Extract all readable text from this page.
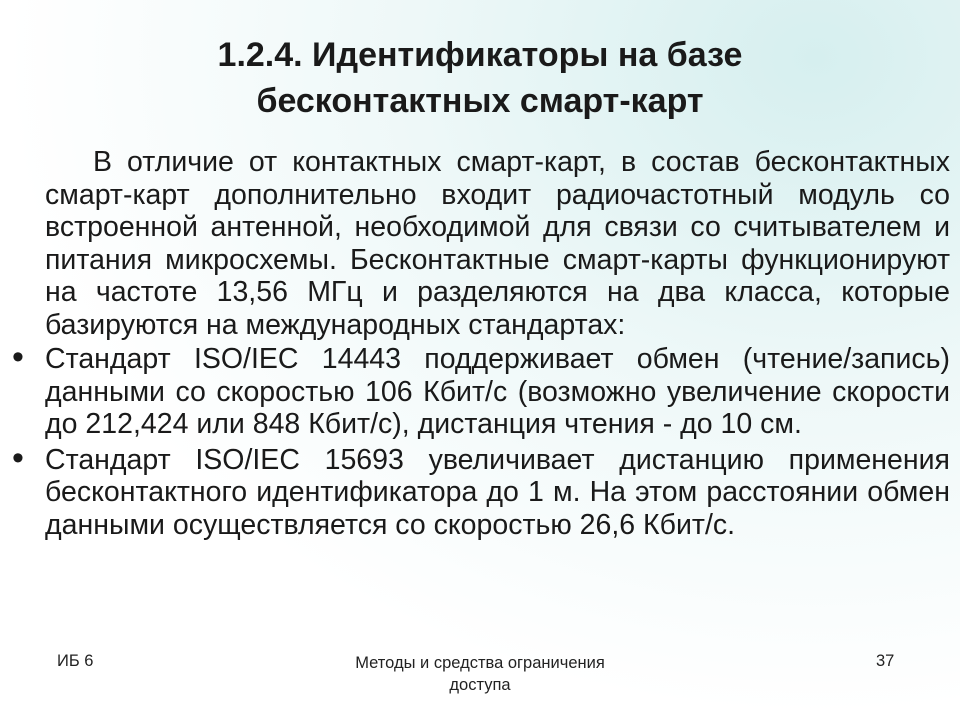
1.2.4. Идентификаторы на базе
бесконтактных смарт-карт

В отличие от контактных смарт-карт, в состав бесконтактных смарт-карт дополнительно входит радиочастотный модуль со встроенной антенной, необходимой для связи со считывателем и питания микросхемы. Бесконтактные смарт-карты функционируют на частоте 13,56 МГц и разделяются на два класса, которые базируются на международных стандартах:

• Стандарт ISO/IEC 14443 поддерживает обмен (чтение/запись) данными со скоростью 106 Кбит/с (возможно увеличение скорости до 212,424 или 848 Кбит/с), дистанция чтения - до 10 см.

• Стандарт ISO/IEC 15693 увеличивает дистанцию применения бесконтактного идентификатора до 1 м. На этом расстоянии обмен данными осуществляется со скоростью 26,6 Кбит/с.

ИБ 6	Методы и средства ограничения
доступа
37
